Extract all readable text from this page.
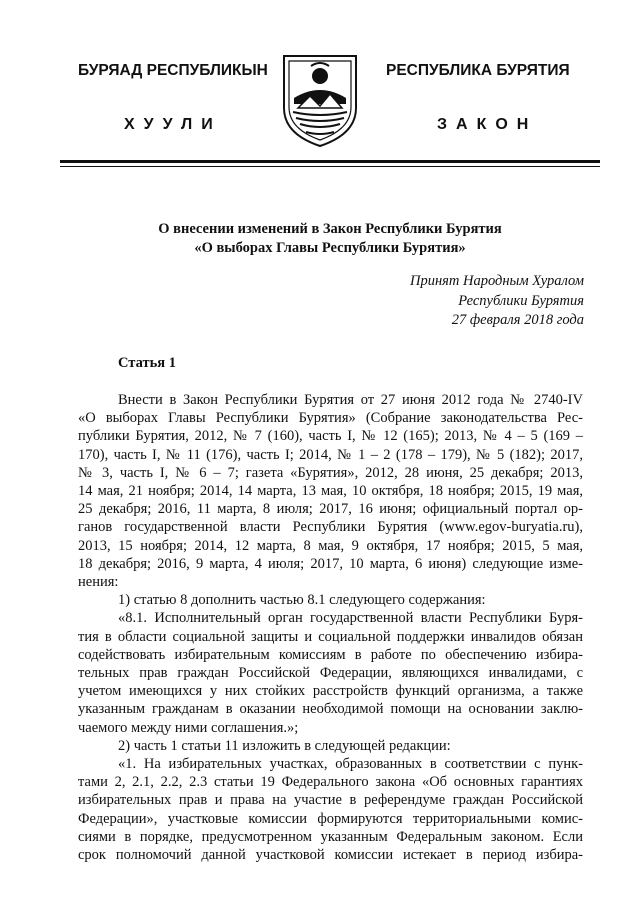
БУРЯАД РЕСПУБЛИКЫН	РЕСПУБЛИКА БУРЯТИЯ
ХУУЛИ	ЗАКОН
О внесении изменений в Закон Республики Бурятия
«О выборах Главы Республики Бурятия»
Принят Народным Хуралом
Республики Бурятия
27 февраля 2018 года
Статья 1
Внести в Закон Республики Бурятия от 27 июня 2012 года № 2740-IV
«О выборах Главы Республики Бурятия» (Собрание законодательства Рес-
публики Бурятия, 2012, № 7 (160), часть I, № 12 (165); 2013, № 4 – 5 (169 –
170), часть I, № 11 (176), часть I; 2014, № 1 – 2 (178 – 179), № 5 (182); 2017,
№ 3, часть I, № 6 – 7; газета «Бурятия», 2012, 28 июня, 25 декабря; 2013,
14 мая, 21 ноября; 2014, 14 марта, 13 мая, 10 октября, 18 ноября; 2015, 19 мая,
25 декабря; 2016, 11 марта, 8 июля; 2017, 16 июня; официальный портал ор-
ганов государственной власти Республики Бурятия (www.egov-buryatia.ru),
2013, 15 ноября; 2014, 12 марта, 8 мая, 9 октября, 17 ноября; 2015, 5 мая,
18 декабря; 2016, 9 марта, 4 июля; 2017, 10 марта, 6 июня) следующие изме-
нения:
1) статью 8 дополнить частью 8.1 следующего содержания:
«8.1. Исполнительный орган государственной власти Республики Буря-
тия в области социальной защиты и социальной поддержки инвалидов обязан
содействовать избирательным комиссиям в работе по обеспечению избира-
тельных прав граждан Российской Федерации, являющихся инвалидами, с
учетом имеющихся у них стойких расстройств функций организма, а также
указанным гражданам в оказании необходимой помощи на основании заклю-
чаемого между ними соглашения.»;
2) часть 1 статьи 11 изложить в следующей редакции:
«1. На избирательных участках, образованных в соответствии с пунк-
тами 2, 2.1, 2.2, 2.3 статьи 19 Федерального закона «Об основных гарантиях
избирательных прав и права на участие в референдуме граждан Российской
Федерации», участковые комиссии формируются территориальными комис-
сиями в порядке, предусмотренном указанным Федеральным законом. Если
срок полномочий данной участковой комиссии истекает в период избира-
